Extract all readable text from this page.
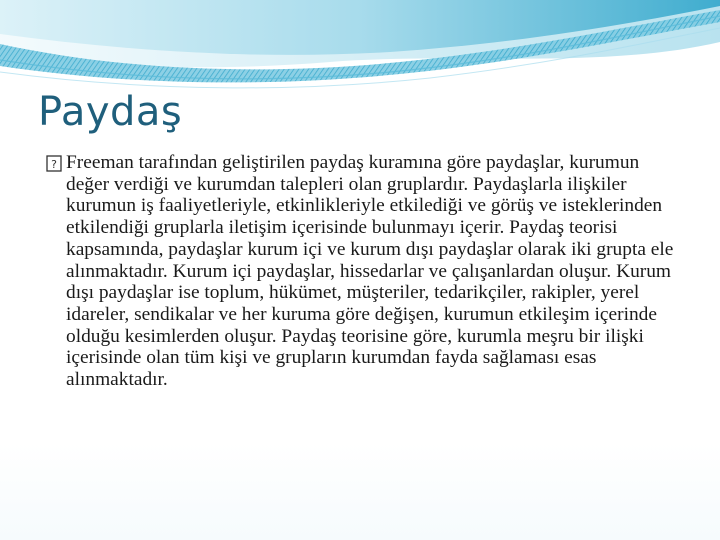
Paydaş
? Freeman tarafından geliştirilen paydaş kuramına göre paydaşlar, kurumun değer verdiği ve kurumdan talepleri olan gruplardır. Paydaşlarla ilişkiler kurumun iş faaliyetleriyle, etkinlikleriyle etkilediği ve görüş ve isteklerinden etkilendiği gruplarla iletişim içerisinde bulunmayı içerir. Paydaş teorisi kapsamında, paydaşlar kurum içi ve kurum dışı paydaşlar olarak iki grupta ele alınmaktadır. Kurum içi paydaşlar, hissedarlar ve çalışanlardan oluşur. Kurum dışı paydaşlar ise toplum, hükümet, müşteriler, tedarikçiler, rakipler, yerel idareler, sendikalar ve her kuruma göre değişen, kurumun etkileşim içerinde olduğu kesimlerden oluşur. Paydaş teorisine göre, kurumla meşru bir ilişki içerisinde olan tüm kişi ve grupların kurumdan fayda sağlaması esas alınmaktadır.
